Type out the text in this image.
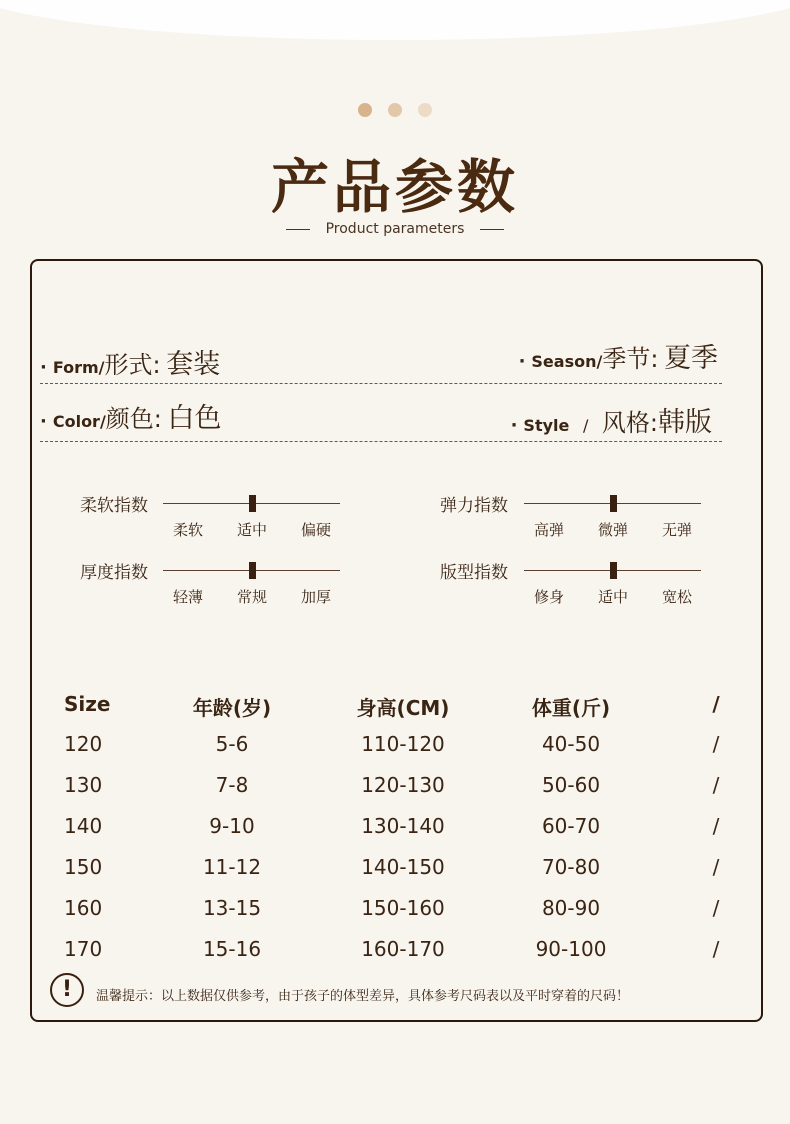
产品参数
Product parameters
· Form/形式: 套装	· Season/季节: 夏季
· Color/颜色: 白色	· Style / 风格:韩版
柔软指数
柔软	适中	偏硬
弹力指数
高弹	微弹	无弹
厚度指数
轻薄	常规	加厚
版型指数
修身	适中	宽松
Size	年龄(岁)	身高(CM)	体重(斤)	/
120	5-6	110-120	40-50	/
130	7-8	120-130	50-60	/
140	9-10	130-140	60-70	/
150	11-12	140-150	70-80	/
160	13-15	150-160	80-90	/
170	15-16	160-170	90-100	/
!	温馨提示：以上数据仅供参考，由于孩子的体型差异，具体参考尺码表以及平时穿着的尺码！
